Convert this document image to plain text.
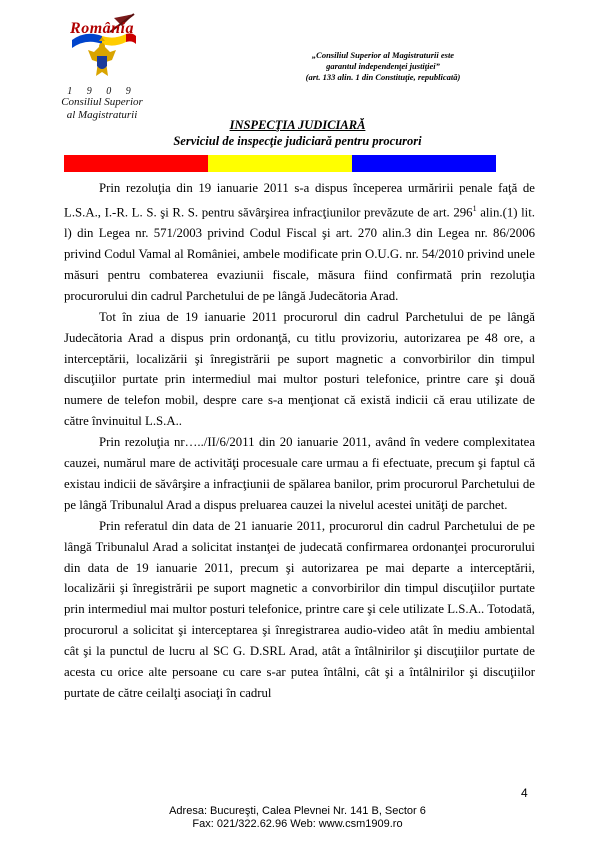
România
1 9 0 9
Consiliul Superior
al Magistraturii
„Consiliul Superior al Magistraturii este
garantul independenţei justiţiei”
(art. 133 alin. 1 din Constituţie, republicată)
INSPECŢIA JUDICIARĂ
Serviciul de inspecţie judiciară pentru procurori

Prin rezoluţia din 19 ianuarie 2011 s-a dispus începerea urmăririi penale faţă de L.S.A., I.-R. L. S. şi R. S. pentru săvârşirea infracţiunilor prevăzute de art. $296^1$ alin.(1) lit. l) din Legea nr. 571/2003 privind Codul Fiscal şi art. 270 alin.3 din Legea nr. 86/2006 privind Codul Vamal al României, ambele modificate prin O.U.G. nr. 54/2010 privind unele măsuri pentru combaterea evaziunii fiscale, măsura fiind confirmată prin rezoluţia procurorului din cadrul Parchetului de pe lângă Judecătoria Arad.

Tot în ziua de 19 ianuarie 2011 procurorul din cadrul Parchetului de pe lângă Judecătoria Arad a dispus prin ordonanţă, cu titlu provizoriu, autorizarea pe 48 ore, a interceptării, localizării şi înregistrării pe suport magnetic a convorbirilor din timpul discuţiilor purtate prin intermediul mai multor posturi telefonice, printre care şi două numere de telefon mobil, despre care s-a menţionat că există indicii că erau utilizate de către învinuitul L.S.A..

Prin rezoluţia nr…../II/6/2011 din 20 ianuarie 2011, având în vedere complexitatea cauzei, numărul mare de activităţi procesuale care urmau a fi efectuate, precum şi faptul că existau indicii de săvârşire a infracţiunii de spălarea banilor, prim procurorul Parchetului de pe lângă Tribunalul Arad a dispus preluarea cauzei la nivelul acestei unităţi de parchet.

Prin referatul din data de 21 ianuarie 2011, procurorul din cadrul Parchetului de pe lângă Tribunalul Arad a solicitat instanţei de judecată confirmarea ordonanţei procurorului din data de 19 ianuarie 2011, precum şi autorizarea pe mai departe a interceptării, localizării şi înregistrării pe suport magnetic a convorbirilor din timpul discuţiilor purtate prin intermediul mai multor posturi telefonice, printre care şi cele utilizate L.S.A.. Totodată, procurorul a solicitat şi interceptarea şi înregistrarea audio-video atât în mediu ambiental cât şi la punctul de lucru al SC G. D.SRL Arad, atât a întâlnirilor şi discuţiilor purtate de acesta cu orice alte persoane cu care s-ar putea întâlni, cât şi a întâlnirilor şi discuţiilor purtate de către ceilalţi asociaţi în cadrul

4
Adresa: Bucureşti, Calea Plevnei Nr. 141 B, Sector 6
Fax: 021/322.62.96 Web: www.csm1909.ro
